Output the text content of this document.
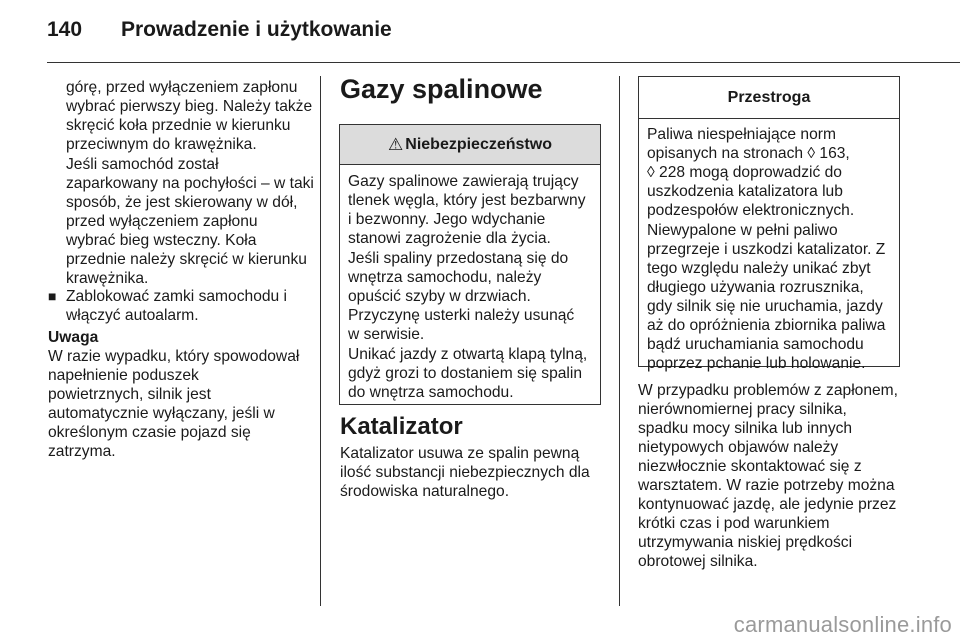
140 Prowadzenie i użytkowanie

górę, przed wyłączeniem zapłonu
wybrać pierwszy bieg. Należy także
skręcić koła przednie w kierunku
przeciwnym do krawężnika.

Jeśli samochód został
zaparkowany na pochyłości – w taki
sposób, że jest skierowany w dół,
przed wyłączeniem zapłonu
wybrać bieg wsteczny. Koła
przednie należy skręcić w kierunku
krawężnika.

■ Zablokować zamki samochodu i
włączyć autoalarm.

Uwaga

W razie wypadku, który spowodował
napełnienie poduszek
powietrznych, silnik jest
automatycznie wyłączany, jeśli w
określonym czasie pojazd się
zatrzyma.

Gazy spalinowe
⚠ Niebezpieczeństwo

Gazy spalinowe zawierają trujący
tlenek węgla, który jest bezbarwny
i bezwonny. Jego wdychanie
stanowi zagrożenie dla życia.

Jeśli spaliny przedostaną się do
wnętrza samochodu, należy
opuścić szyby w drzwiach.
Przyczynę usterki należy usunąć
w serwisie.

Unikać jazdy z otwartą klapą tylną,
gdyż grozi to dostaniem się spalin
do wnętrza samochodu.

Katalizator

Katalizator usuwa ze spalin pewną
ilość substancji niebezpiecznych dla
środowiska naturalnego.

Przestroga

Paliwa niespełniające norm
opisanych na stronach ◊ 163,
◊ 228 mogą doprowadzić do
uszkodzenia katalizatora lub
podzespołów elektronicznych.

Niewypalone w pełni paliwo
przegrzeje i uszkodzi katalizator. Z
tego względu należy unikać zbyt
długiego używania rozrusznika,
gdy silnik się nie uruchamia, jazdy
aż do opróżnienia zbiornika paliwa
bądź uruchamiania samochodu
poprzez pchanie lub holowanie.

W przypadku problemów z zapłonem,
nierównomiernej pracy silnika,
spadku mocy silnika lub innych
nietypowych objawów należy
niezwłocznie skontaktować się z
warsztatem. W razie potrzeby można
kontynuować jazdę, ale jedynie przez
krótki czas i pod warunkiem
utrzymywania niskiej prędkości
obrotowej silnika.

carmanualsonline.info
